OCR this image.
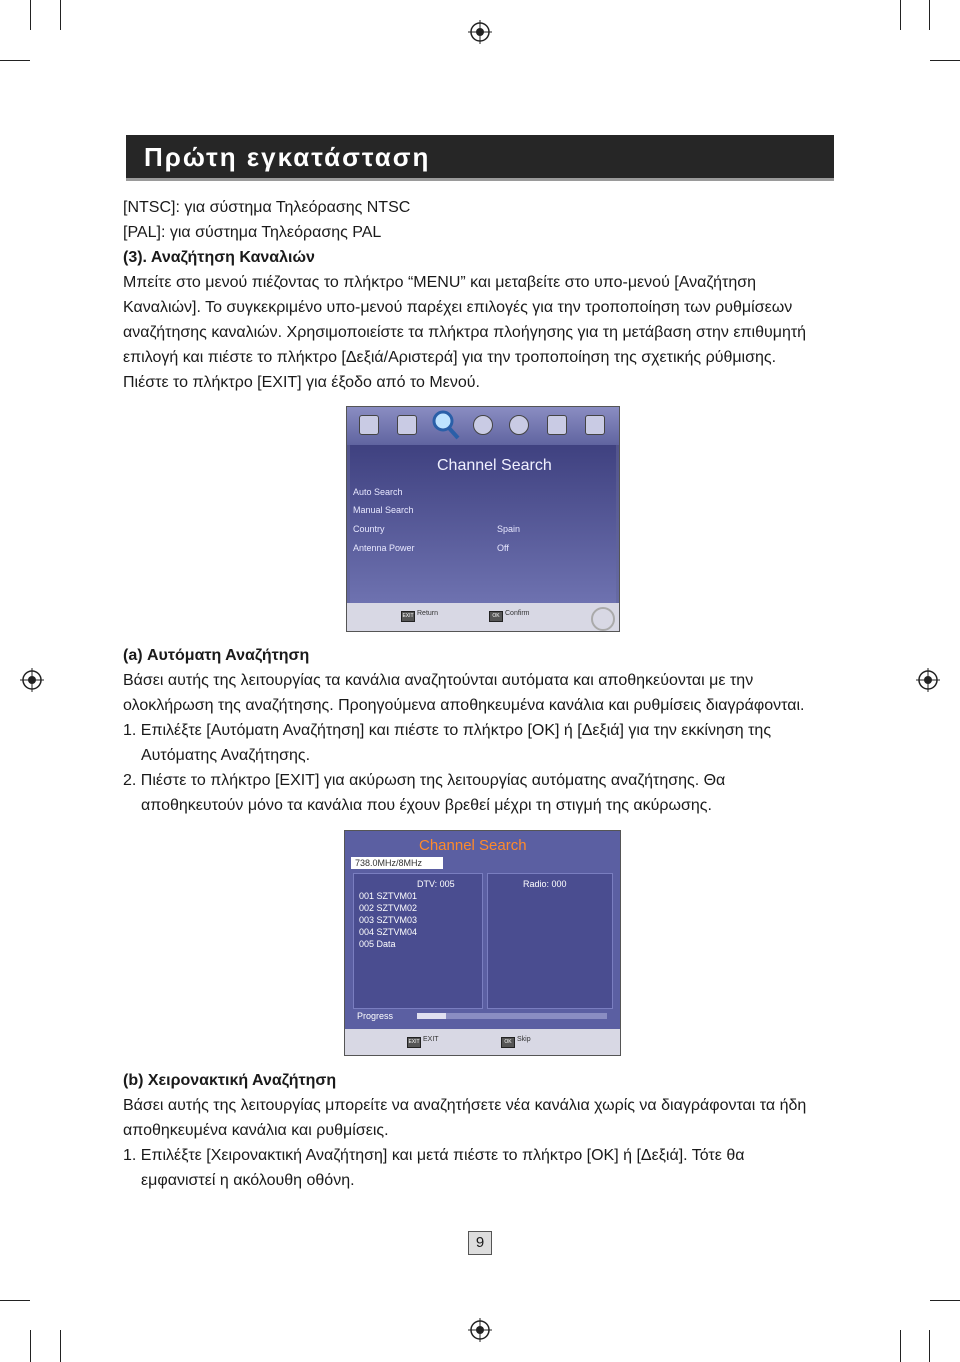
Πρώτη εγκατάσταση
[NTSC]: για σύστημα Τηλεόρασης NTSC
[PAL]: για σύστημα Τηλεόρασης PAL
(3). Αναζήτηση Καναλιών
Μπείτε στο μενού πιέζοντας το πλήκτρο “MENU” και μεταβείτε στο υπο-μενού [Αναζήτηση
Καναλιών]. Το συγκεκριμένο υπο-μενού παρέχει επιλογές για την τροποποίηση των ρυθμίσεων
αναζήτησης καναλιών. Χρησιμοποιείστε τα πλήκτρα πλοήγησης για τη μετάβαση στην επιθυμητή
επιλογή και πιέστε το πλήκτρο [Δεξιά/Αριστερά] για την τροποποίηση της σχετικής ρύθμισης.
Πιέστε το πλήκτρο [EXIT] για έξοδο από το Μενού.
Channel Search
Auto Search
Manual Search
Country
Antenna Power
Spain
Off
EXIT Return	OK Confirm
(a) Αυτόματη Αναζήτηση
Βάσει αυτής της λειτουργίας τα κανάλια αναζητούνται αυτόματα και αποθηκεύονται με την
ολοκλήρωση της αναζήτησης. Προηγούμενα αποθηκευμένα κανάλια και ρυθμίσεις διαγράφονται.
1. Επιλέξτε [Αυτόματη Αναζήτηση] και πιέστε το πλήκτρο [OK] ή [Δεξιά] για την εκκίνηση της
Αυτόματης Αναζήτησης.
2. Πιέστε το πλήκτρο [EXIT] για ακύρωση της λειτουργίας αυτόματης αναζήτησης. Θα
αποθηκευτούν μόνο τα κανάλια που έχουν βρεθεί μέχρι τη στιγμή της ακύρωσης.
Channel Search
738.0MHz/8MHz
DTV: 005	Radio: 000
001 SZTVM01
002 SZTVM02
003 SZTVM03
004 SZTVM04
005 Data
Progress
EXIT EXIT	OK Skip
(b) Χειρονακτική Αναζήτηση
Βάσει αυτής της λειτουργίας μπορείτε να αναζητήσετε νέα κανάλια χωρίς να διαγράφονται τα ήδη
αποθηκευμένα κανάλια και ρυθμίσεις.
1. Επιλέξτε [Χειρονακτική Αναζήτηση] και μετά πιέστε το πλήκτρο [OK] ή [Δεξιά]. Τότε θα
εμφανιστεί η ακόλουθη οθόνη.
9
